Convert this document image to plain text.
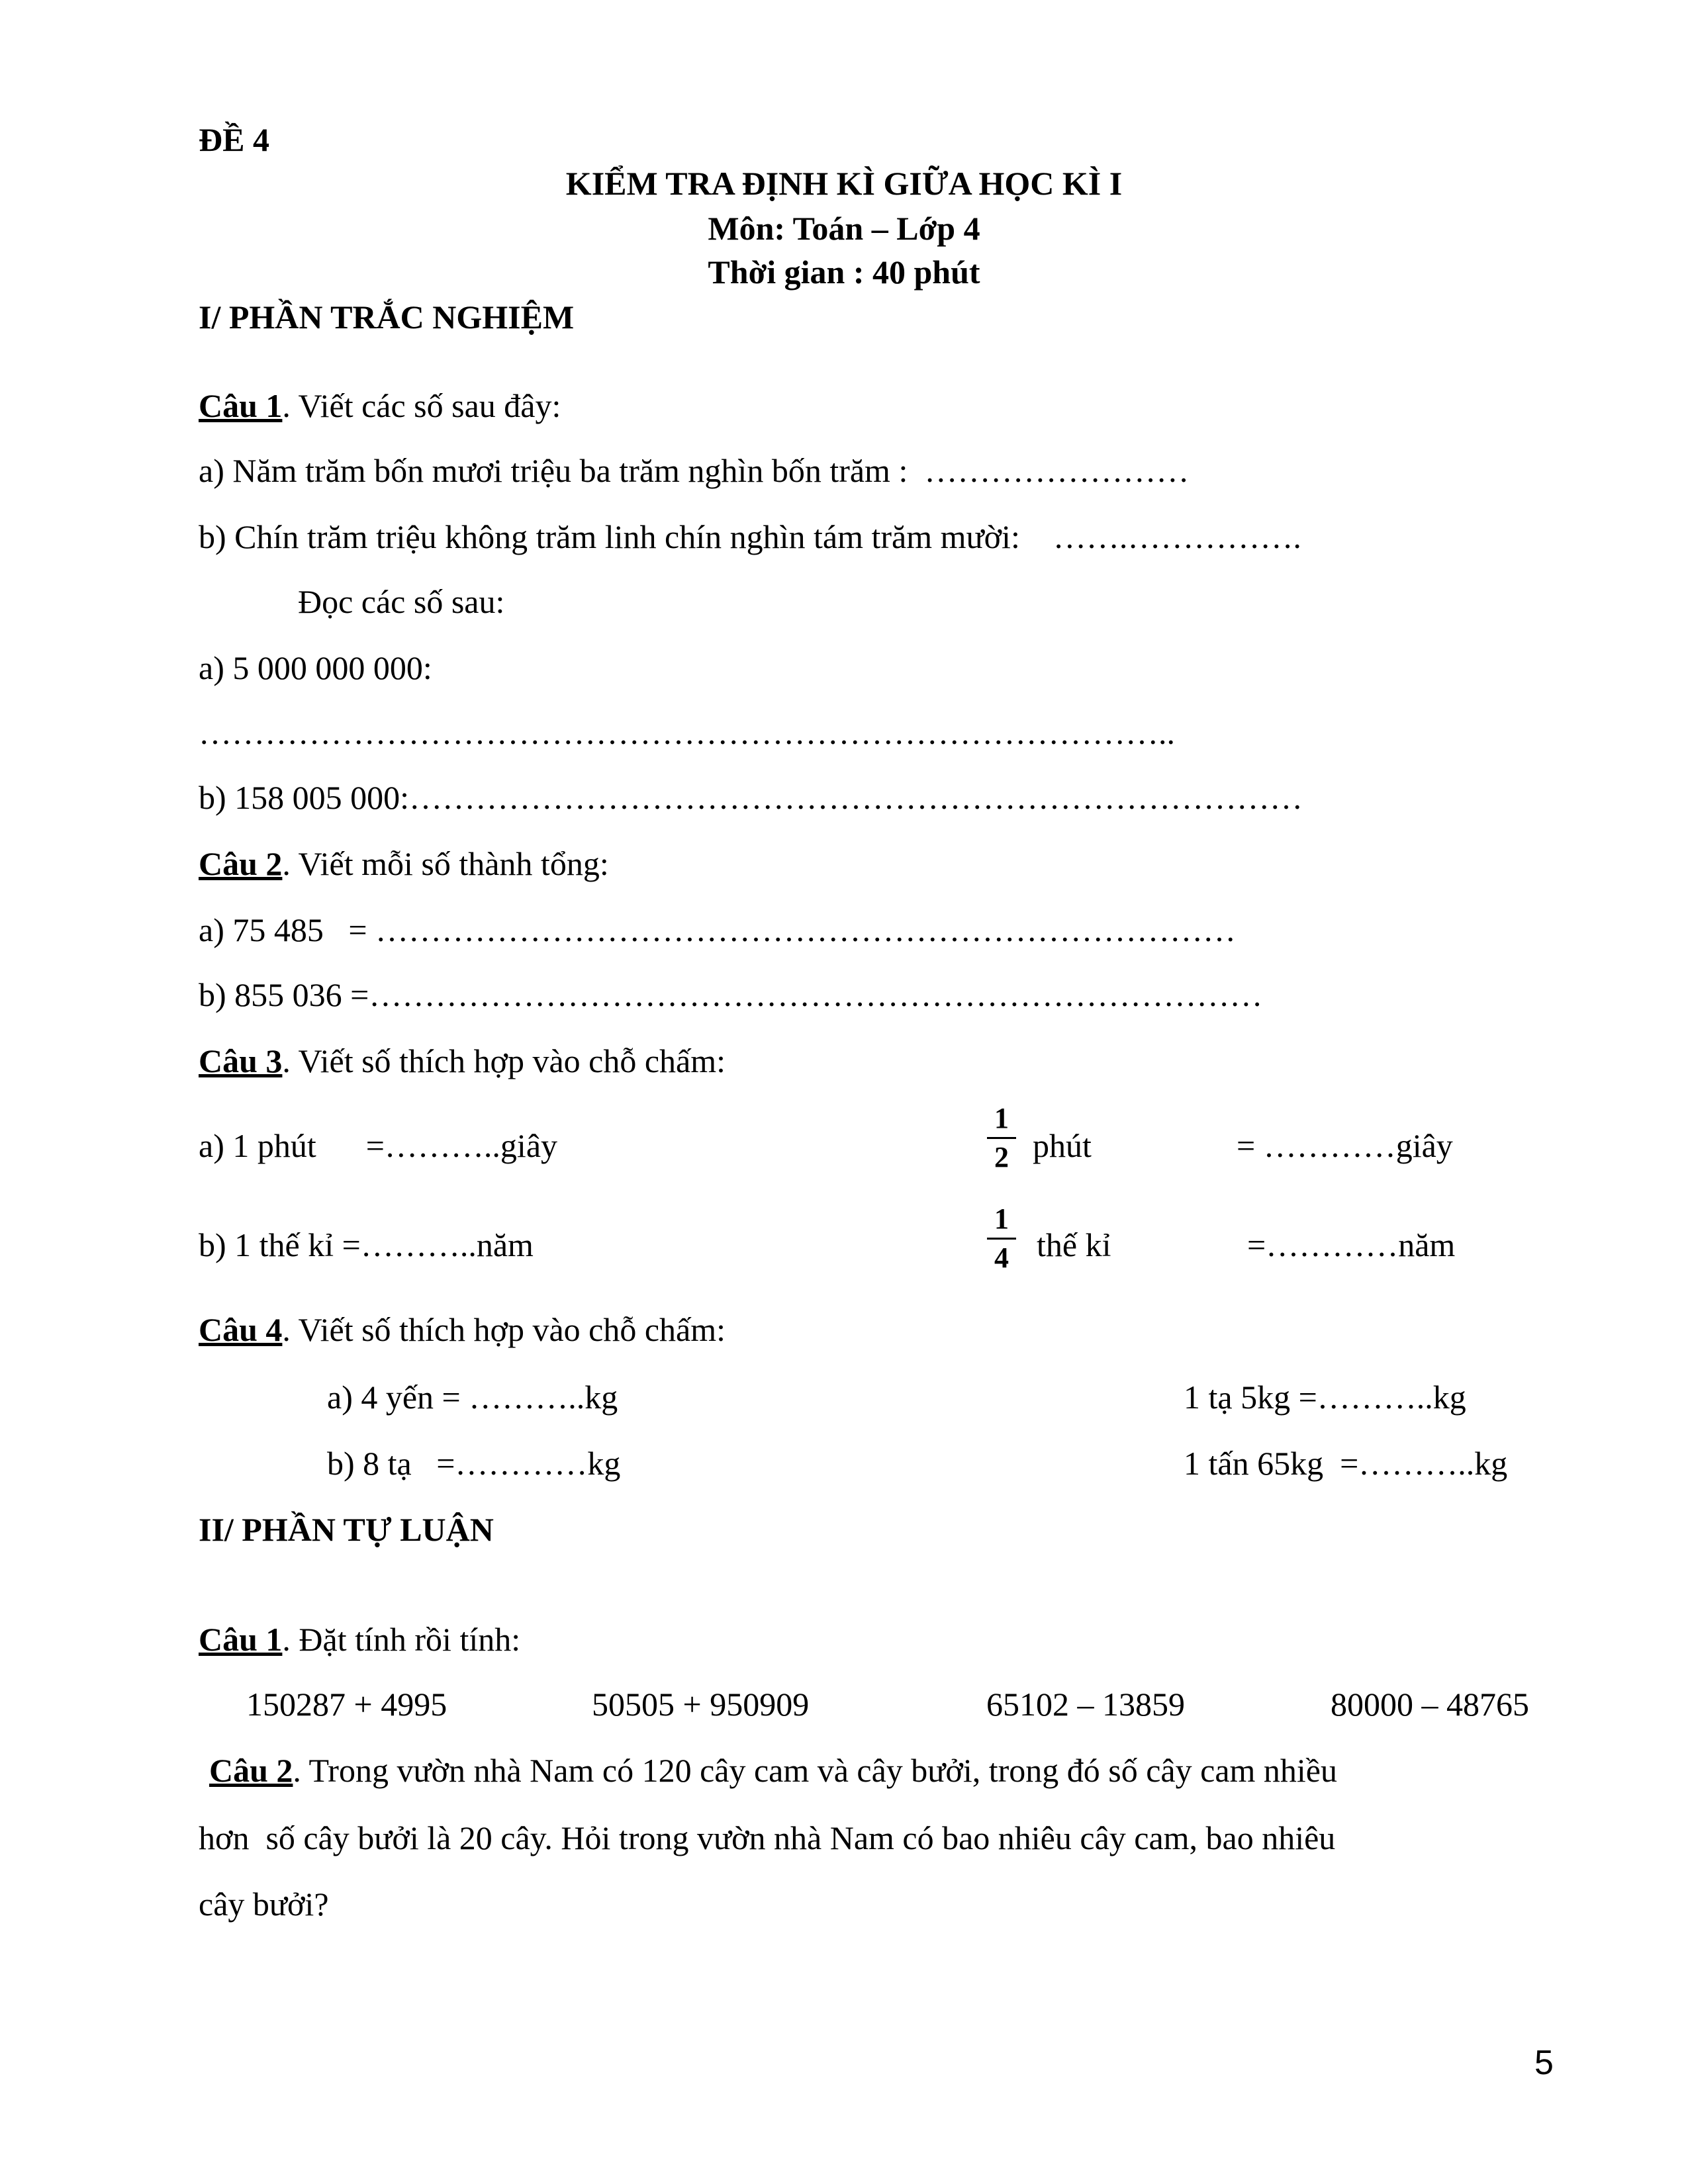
ĐỀ 4
KIỂM TRA ĐỊNH KÌ GIỮA HỌC KÌ I
Môn: Toán – Lớp 4
Thời gian : 40 phút
I/ PHẦN TRẮC NGHIỆM
Câu 1. Viết các số sau đây:
a) Năm trăm bốn mươi triệu ba trăm nghìn bốn trăm :  ……………………
b) Chín trăm triệu không trăm linh chín nghìn tám trăm mười:    …….…………….
Đọc các số sau:
a) 5 000 000 000:
……………………………………………………………………………..
b) 158 005 000:………………………………………………………………………
Câu 2. Viết mỗi số thành tổng:
a) 75 485   = ……………………………………………………………………
b) 855 036 =………………………………………………………………………
Câu 3. Viết số thích hợp vào chỗ chấm:
a) 1 phút      =………..giây	$\frac{1}{2}$ phút	= …………giây
b) 1 thế kỉ =………..năm	$\frac{1}{4}$ thế kỉ	=…………năm
Câu 4. Viết số thích hợp vào chỗ chấm:
a) 4 yến = ………..kg	1 tạ 5kg =………..kg
b) 8 tạ   =…………kg	1 tấn 65kg  =………..kg
II/ PHẦN TỰ LUẬN
Câu 1. Đặt tính rồi tính:
150287 + 4995	50505 + 950909	65102 – 13859	80000 – 48765
Câu 2. Trong vườn nhà Nam có 120 cây cam và cây bưởi, trong đó số cây cam nhiều
hơn  số cây bưởi là 20 cây. Hỏi trong vườn nhà Nam có bao nhiêu cây cam, bao nhiêu
cây bưởi?
5
